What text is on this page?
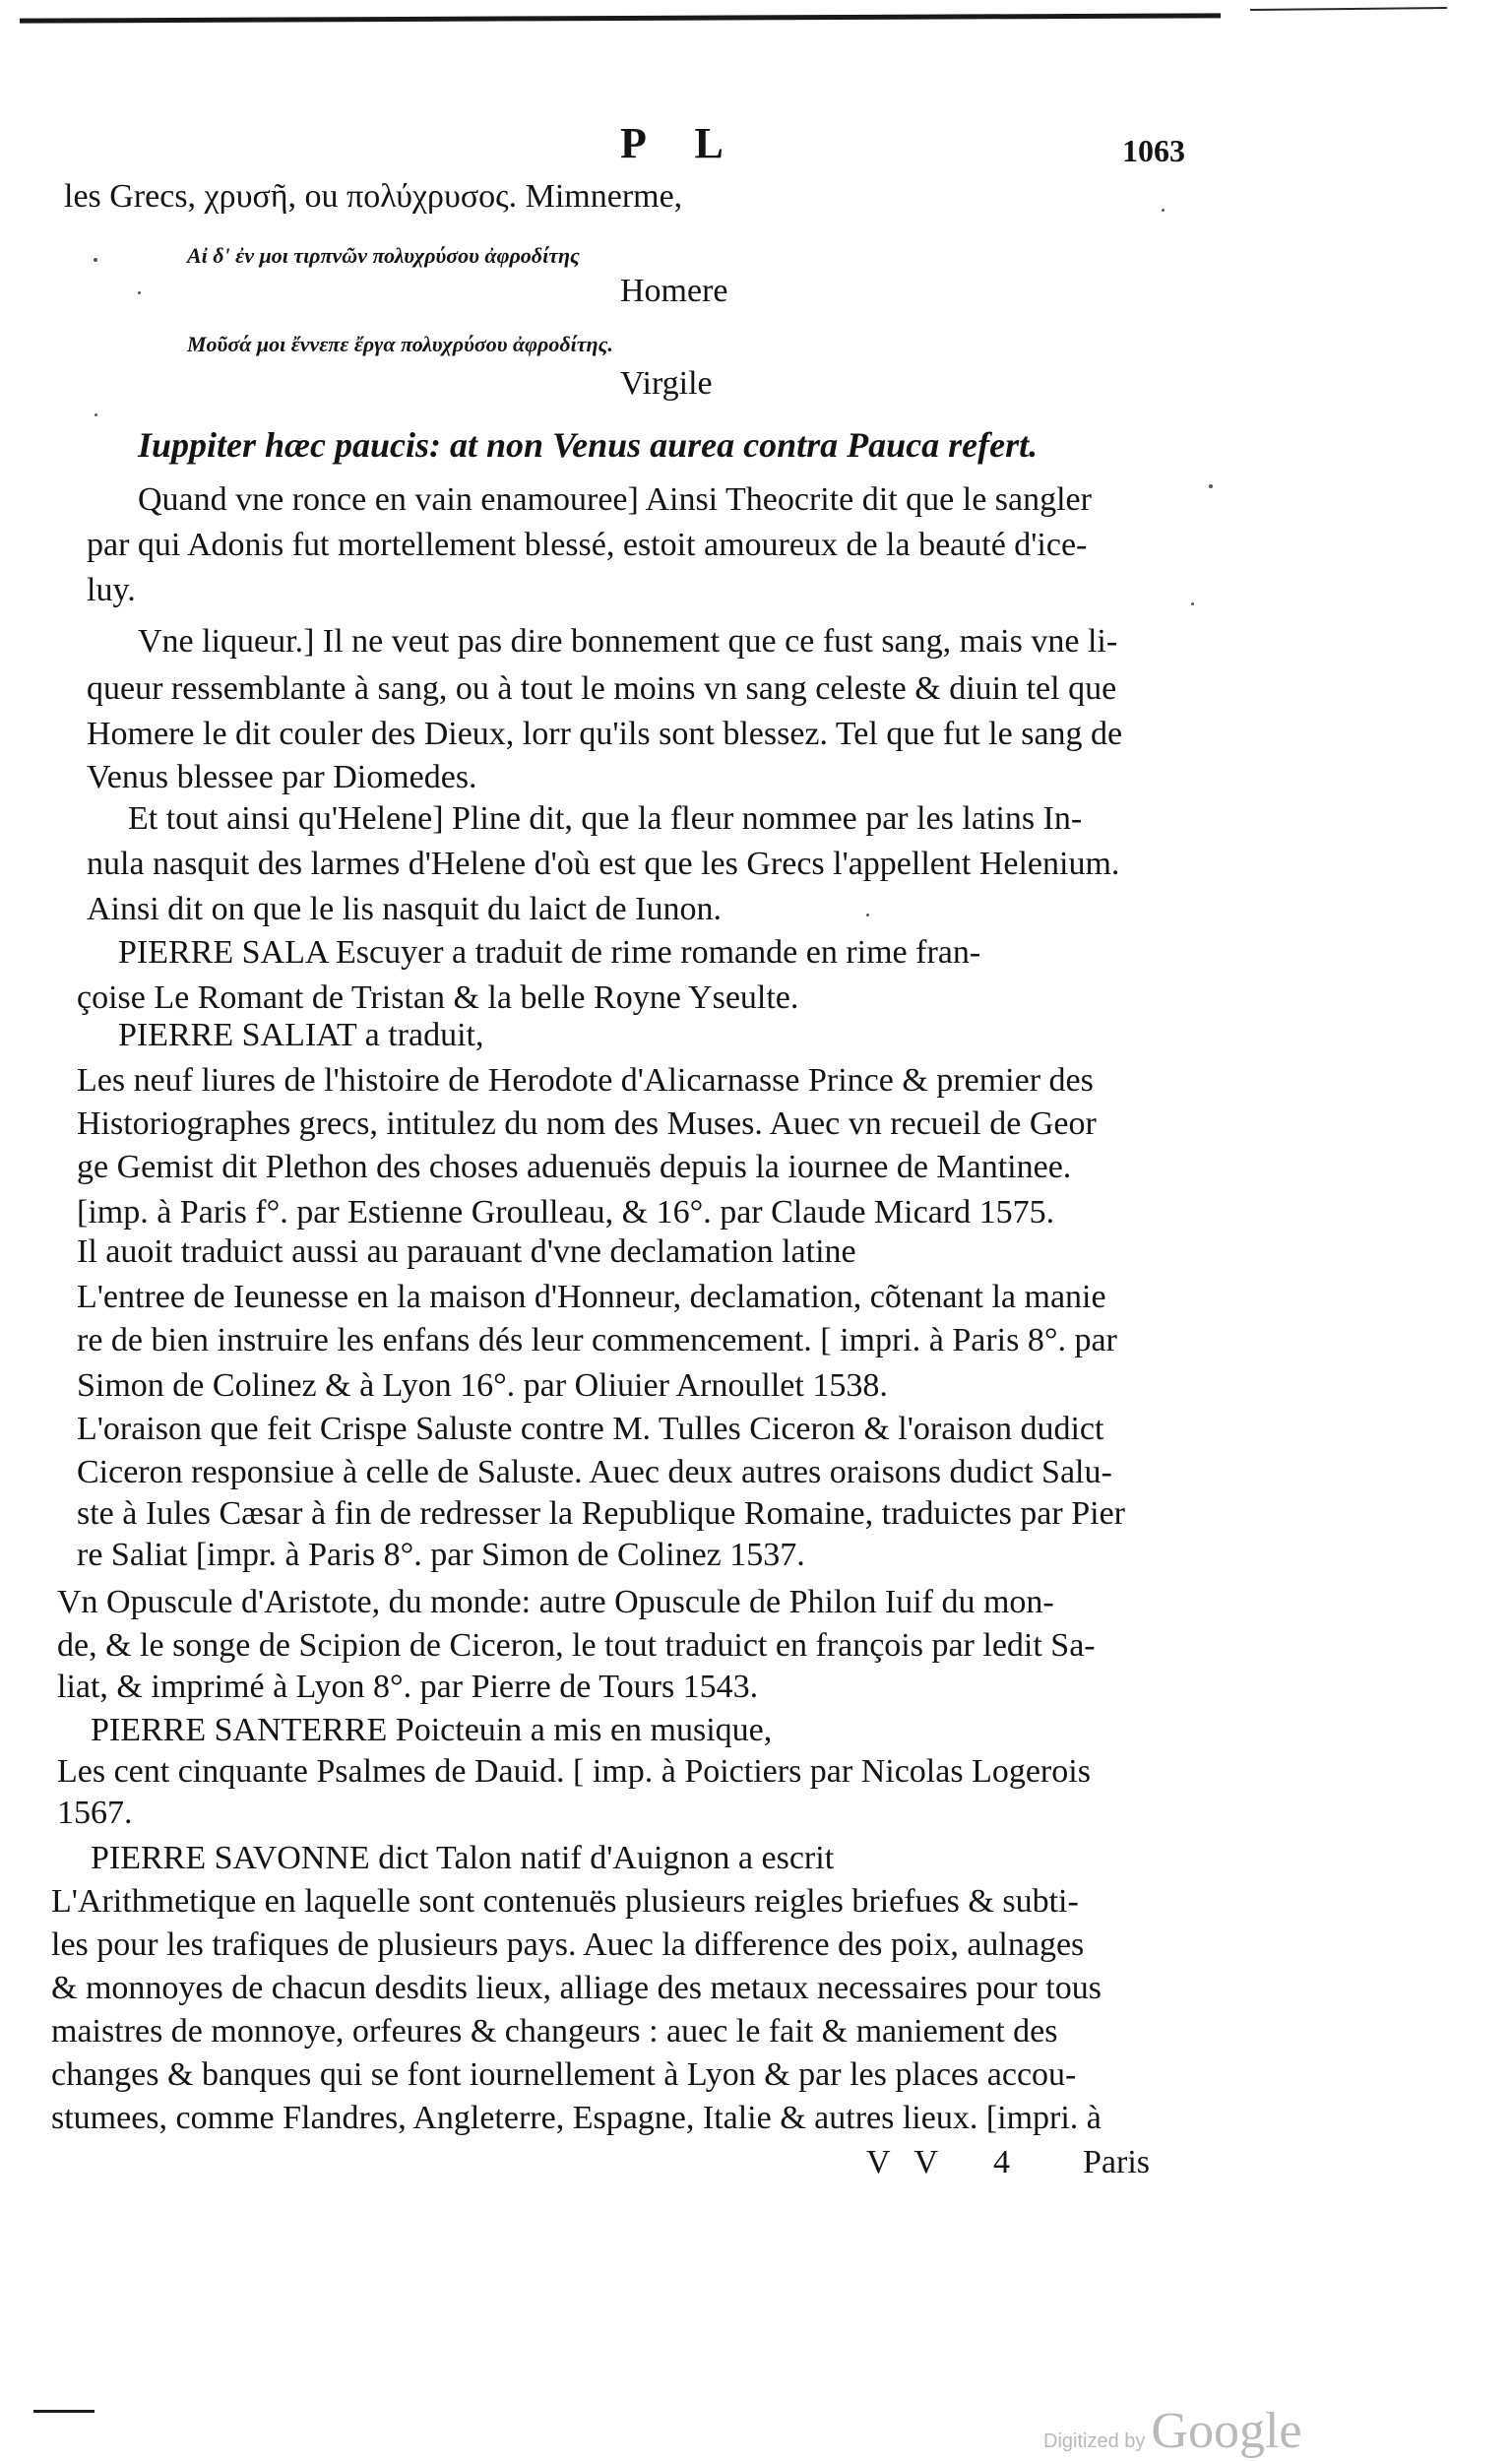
P L	1063

les Grecs, χρυσῆ, ou πολύχρυσος. Mimnerme,

Αἰ δ' ἐν μοι τιρπνῶν πολυχρύσου ἀφροδίτης

Homere

Μοῦσά μοι ἔννεπε ἔργα πολυχρύσου ἀφροδίτης.

Virgile

Iuppiter hæc paucis: at non Venus aurea contra Pauca refert.

Quand vne ronce en vain enamouree] Ainsi Theocrite dit que le sangler

par qui Adonis fut mortellement blessé, estoit amoureux de la beauté d'ice-

luy.

Vne liqueur.] Il ne veut pas dire bonnement que ce fust sang, mais vne li-

queur ressemblante à sang, ou à tout le moins vn sang celeste & diuin tel que

Homere le dit couler des Dieux, lorr qu'ils sont blessez. Tel que fut le sang de

Venus blessee par Diomedes.

Et tout ainsi qu'Helene] Pline dit, que la fleur nommee par les latins In-

nula nasquit des larmes d'Helene d'où est que les Grecs l'appellent Helenium.

Ainsi dit on que le lis nasquit du laict de Iunon.

PIERRE SALA Escuyer a traduit de rime romande en rime fran-

çoise Le Romant de Tristan & la belle Royne Yseulte.

PIERRE SALIAT a traduit,

Les neuf liures de l'histoire de Herodote d'Alicarnasse Prince & premier des

Historiographes grecs, intitulez du nom des Muses. Auec vn recueil de Geor

ge Gemist dit Plethon des choses aduenuës depuis la iournee de Mantinee.

[imp. à Paris f°. par Estienne Groulleau, & 16°. par Claude Micard 1575.

Il auoit traduict aussi au parauant d'vne declamation latine

L'entree de Ieunesse en la maison d'Honneur, declamation, cõtenant la manie

re de bien instruire les enfans dés leur commencement. [ impri. à Paris 8°. par

Simon de Colinez & à Lyon 16°. par Oliuier Arnoullet 1538.

L'oraison que feit Crispe Saluste contre M. Tulles Ciceron & l'oraison dudict

Ciceron responsiue à celle de Saluste. Auec deux autres oraisons dudict Salu-

ste à Iules Cæsar à fin de redresser la Republique Romaine, traduictes par Pier

re Saliat [impr. à Paris 8°. par Simon de Colinez 1537.

Vn Opuscule d'Aristote, du monde: autre Opuscule de Philon Iuif du mon-

de, & le songe de Scipion de Ciceron, le tout traduict en françois par ledit Sa-

liat, & imprimé à Lyon 8°. par Pierre de Tours 1543.

PIERRE SANTERRE Poicteuin a mis en musique,

Les cent cinquante Psalmes de Dauid. [ imp. à Poictiers par Nicolas Logerois

1567.

PIERRE SAVONNE dict Talon natif d'Auignon a escrit

L'Arithmetique en laquelle sont contenuës plusieurs reigles briefues & subti-

les pour les trafiques de plusieurs pays. Auec la difference des poix, aulnages

& monnoyes de chacun desdits lieux, alliage des metaux necessaires pour tous

maistres de monnoye, orfeures & changeurs : auec le fait & maniement des

changes & banques qui se font iournellement à Lyon & par les places accou-

stumees, comme Flandres, Angleterre, Espagne, Italie & autres lieux. [impri. à

VV 4 Paris

Digitized by Google
